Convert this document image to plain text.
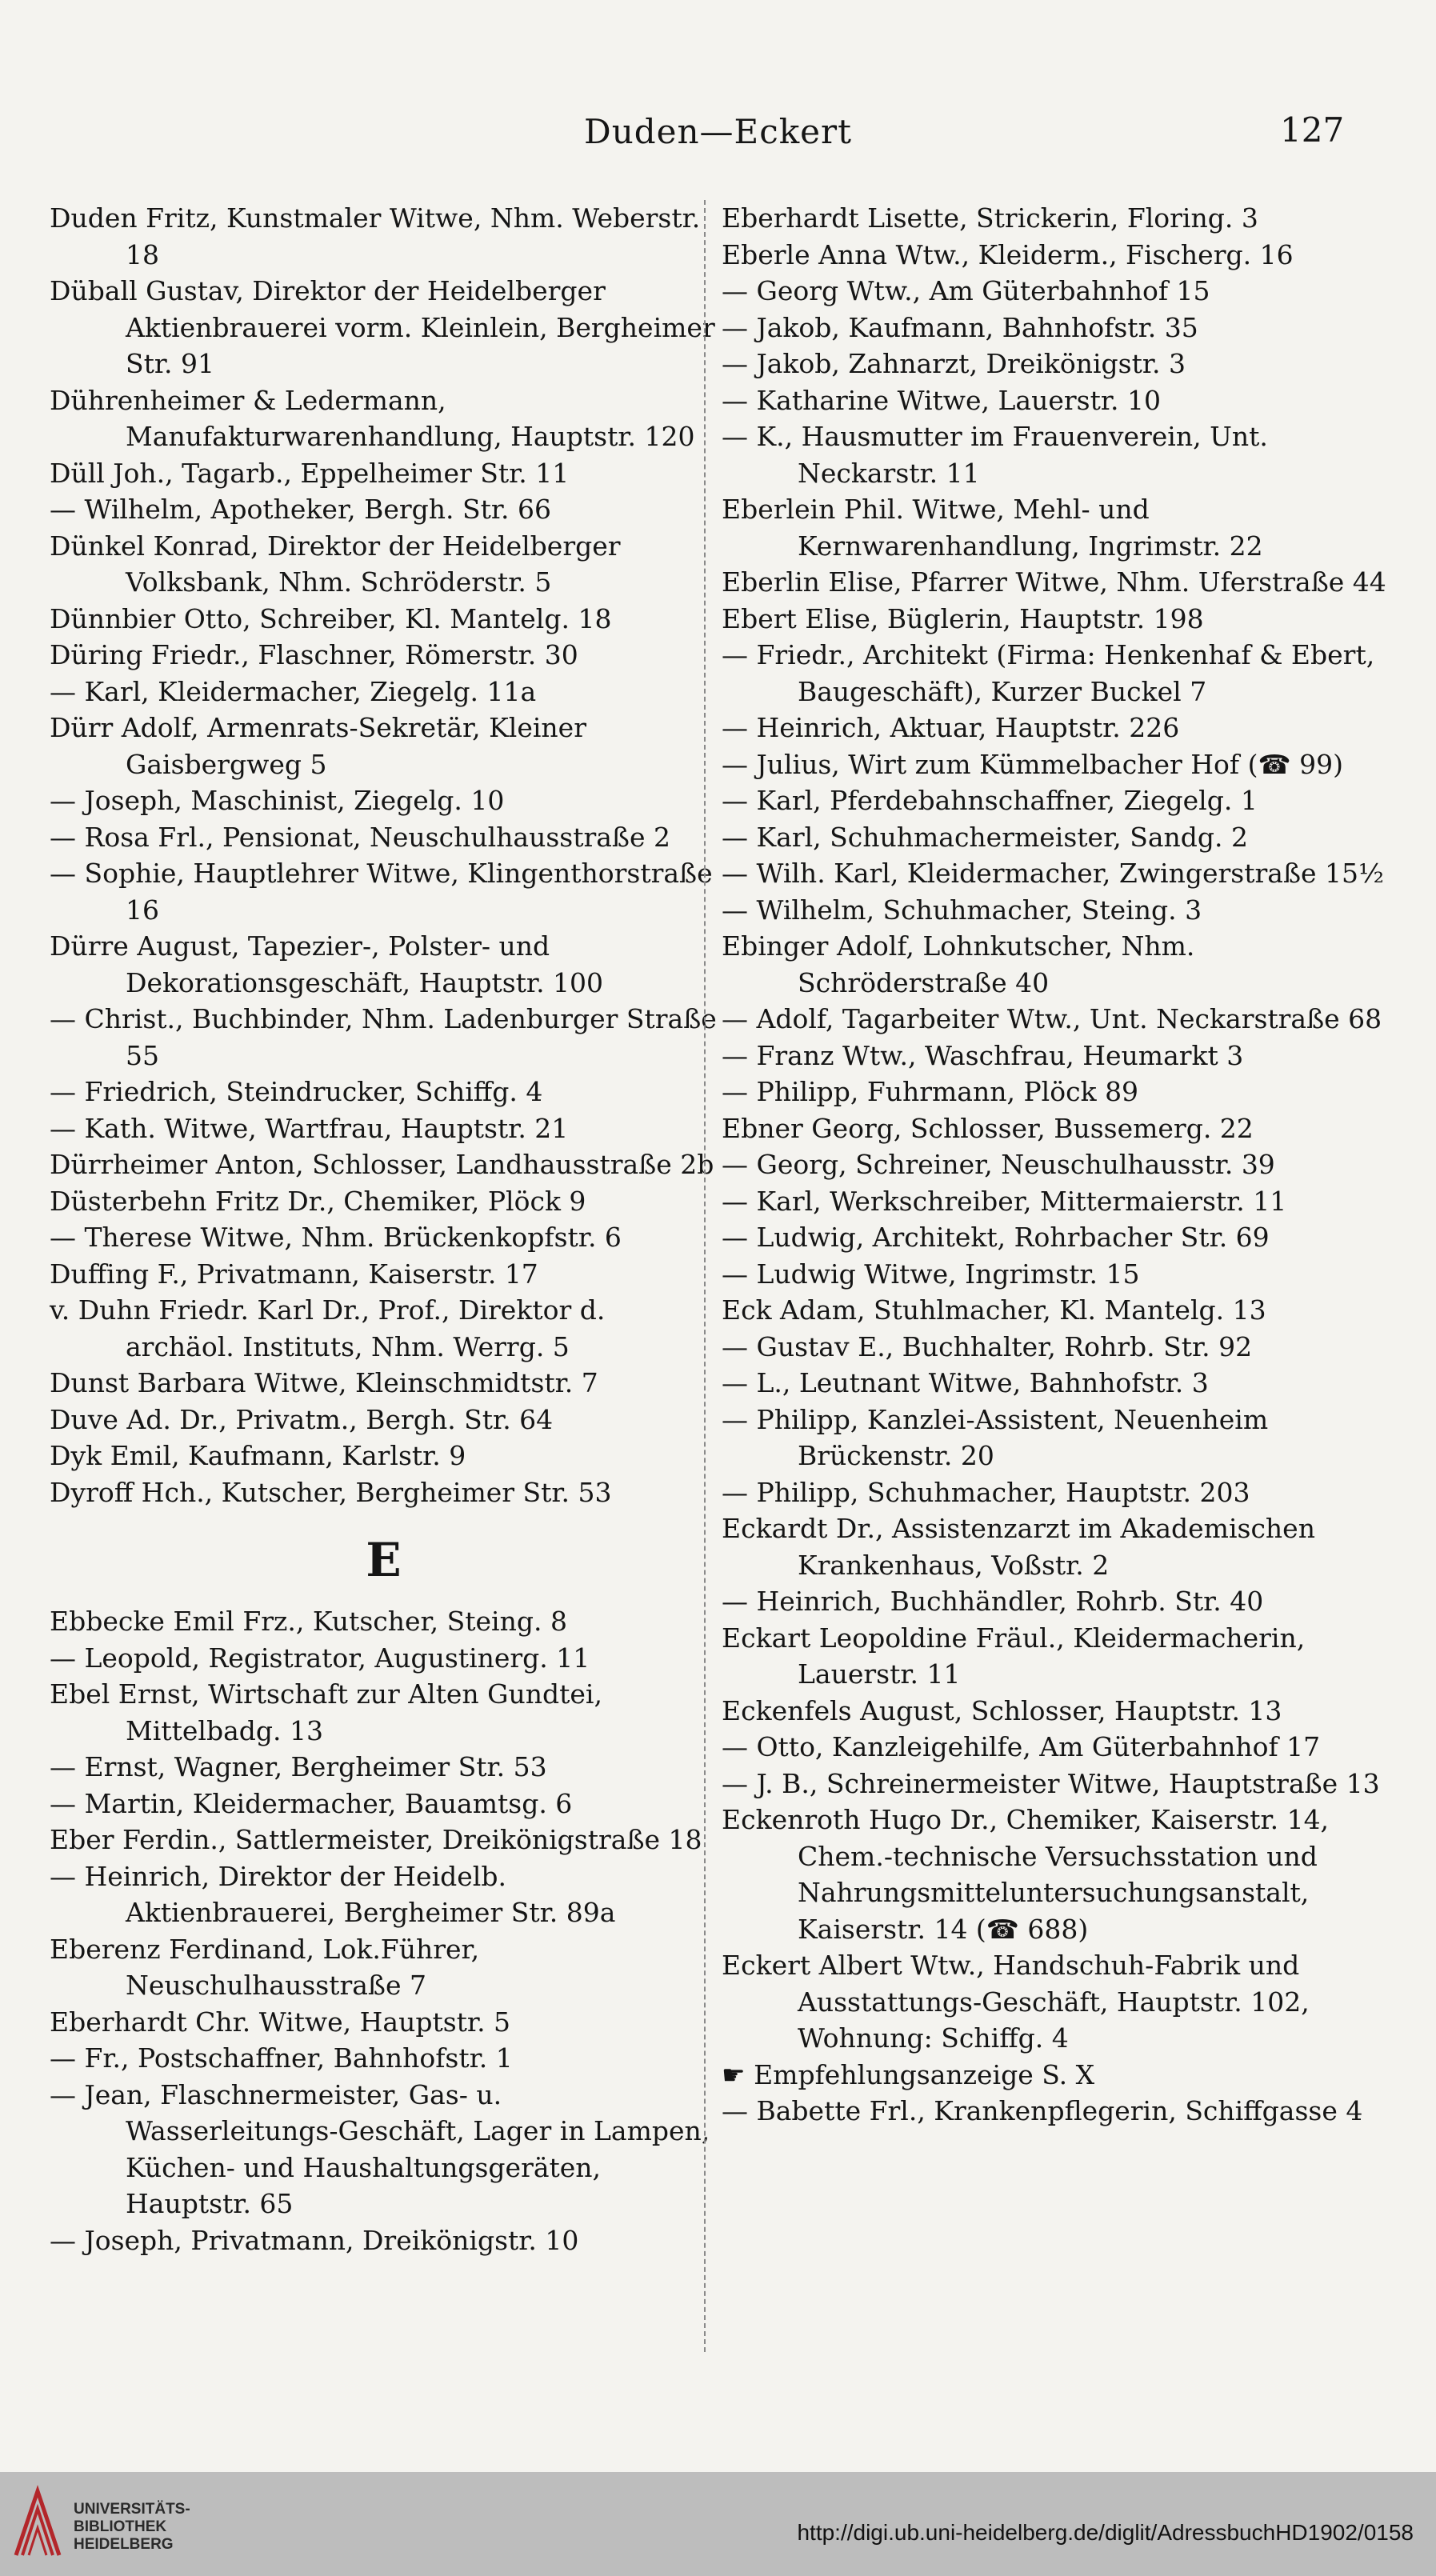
Duden—Eckert	127
Duden Fritz, Kunstmaler Witwe, Nhm. Weberstr. 18
Düball Gustav, Direktor der Heidelberger Aktienbrauerei vorm. Kleinlein, Bergheimer Str. 91
Dührenheimer & Ledermann, Manufakturwarenhandlung, Hauptstr. 120
Düll Joh., Tagarb., Eppelheimer Str. 11
— Wilhelm, Apotheker, Bergh. Str. 66
Dünkel Konrad, Direktor der Heidelberger Volksbank, Nhm. Schröderstr. 5
Dünnbier Otto, Schreiber, Kl. Mantelg. 18
Düring Friedr., Flaschner, Römerstr. 30
— Karl, Kleidermacher, Ziegelg. 11a
Dürr Adolf, Armenrats-Sekretär, Kleiner Gaisbergweg 5
— Joseph, Maschinist, Ziegelg. 10
— Rosa Frl., Pensionat, Neuschulhausstraße 2
— Sophie, Hauptlehrer Witwe, Klingenthorstraße 16
Dürre August, Tapezier-, Polster- und Dekorationsgeschäft, Hauptstr. 100
— Christ., Buchbinder, Nhm. Ladenburger Straße 55
— Friedrich, Steindrucker, Schiffg. 4
— Kath. Witwe, Wartfrau, Hauptstr. 21
Dürrheimer Anton, Schlosser, Landhausstraße 2b
Düsterbehn Fritz Dr., Chemiker, Plöck 9
— Therese Witwe, Nhm. Brückenkopfstr. 6
Duffing F., Privatmann, Kaiserstr. 17
v. Duhn Friedr. Karl Dr., Prof., Direktor d. archäol. Instituts, Nhm. Werrg. 5
Dunst Barbara Witwe, Kleinschmidtstr. 7
Duve Ad. Dr., Privatm., Bergh. Str. 64
Dyk Emil, Kaufmann, Karlstr. 9
Dyroff Hch., Kutscher, Bergheimer Str. 53
E
Ebbecke Emil Frz., Kutscher, Steing. 8
— Leopold, Registrator, Augustinerg. 11
Ebel Ernst, Wirtschaft zur Alten Gundtei, Mittelbadg. 13
— Ernst, Wagner, Bergheimer Str. 53
— Martin, Kleidermacher, Bauamtsg. 6
Eber Ferdin., Sattlermeister, Dreikönigstraße 18
— Heinrich, Direktor der Heidelb. Aktienbrauerei, Bergheimer Str. 89a
Eberenz Ferdinand, Lok.Führer, Neuschulhausstraße 7
Eberhardt Chr. Witwe, Hauptstr. 5
— Fr., Postschaffner, Bahnhofstr. 1
— Jean, Flaschnermeister, Gas- u. Wasserleitungs-Geschäft, Lager in Lampen, Küchen- und Haushaltungsgeräten, Hauptstr. 65
— Joseph, Privatmann, Dreikönigstr. 10
Eberhardt Lisette, Strickerin, Floring. 3
Eberle Anna Wtw., Kleiderm., Fischerg. 16
— Georg Wtw., Am Güterbahnhof 15
— Jakob, Kaufmann, Bahnhofstr. 35
— Jakob, Zahnarzt, Dreikönigstr. 3
— Katharine Witwe, Lauerstr. 10
— K., Hausmutter im Frauenverein, Unt. Neckarstr. 11
Eberlein Phil. Witwe, Mehl- und Kernwarenhandlung, Ingrimstr. 22
Eberlin Elise, Pfarrer Witwe, Nhm. Uferstraße 44
Ebert Elise, Büglerin, Hauptstr. 198
— Friedr., Architekt (Firma: Henkenhaf & Ebert, Baugeschäft), Kurzer Buckel 7
— Heinrich, Aktuar, Hauptstr. 226
— Julius, Wirt zum Kümmelbacher Hof (☎ 99)
— Karl, Pferdebahnschaffner, Ziegelg. 1
— Karl, Schuhmachermeister, Sandg. 2
— Wilh. Karl, Kleidermacher, Zwingerstraße 15½
— Wilhelm, Schuhmacher, Steing. 3
Ebinger Adolf, Lohnkutscher, Nhm. Schröderstraße 40
— Adolf, Tagarbeiter Wtw., Unt. Neckarstraße 68
— Franz Wtw., Waschfrau, Heumarkt 3
— Philipp, Fuhrmann, Plöck 89
Ebner Georg, Schlosser, Bussemerg. 22
— Georg, Schreiner, Neuschulhausstr. 39
— Karl, Werkschreiber, Mittermaierstr. 11
— Ludwig, Architekt, Rohrbacher Str. 69
— Ludwig Witwe, Ingrimstr. 15
Eck Adam, Stuhlmacher, Kl. Mantelg. 13
— Gustav E., Buchhalter, Rohrb. Str. 92
— L., Leutnant Witwe, Bahnhofstr. 3
— Philipp, Kanzlei-Assistent, Neuenheim Brückenstr. 20
— Philipp, Schuhmacher, Hauptstr. 203
Eckardt Dr., Assistenzarzt im Akademischen Krankenhaus, Voßstr. 2
— Heinrich, Buchhändler, Rohrb. Str. 40
Eckart Leopoldine Fräul., Kleidermacherin, Lauerstr. 11
Eckenfels August, Schlosser, Hauptstr. 13
— Otto, Kanzleigehilfe, Am Güterbahnhof 17
— J. B., Schreinermeister Witwe, Hauptstraße 13
Eckenroth Hugo Dr., Chemiker, Kaiserstr. 14, Chem.-technische Versuchsstation und Nahrungsmitteluntersuchungsanstalt, Kaiserstr. 14 (☎ 688)
Eckert Albert Wtw., Handschuh-Fabrik und Ausstattungs-Geschäft, Hauptstr. 102, Wohnung: Schiffg. 4
☛ Empfehlungsanzeige S. X
— Babette Frl., Krankenpflegerin, Schiffgasse 4
UNIVERSITÄTS-
BIBLIOTHEK
HEIDELBERG	http://digi.ub.uni-heidelberg.de/diglit/AdressbuchHD1902/0158
